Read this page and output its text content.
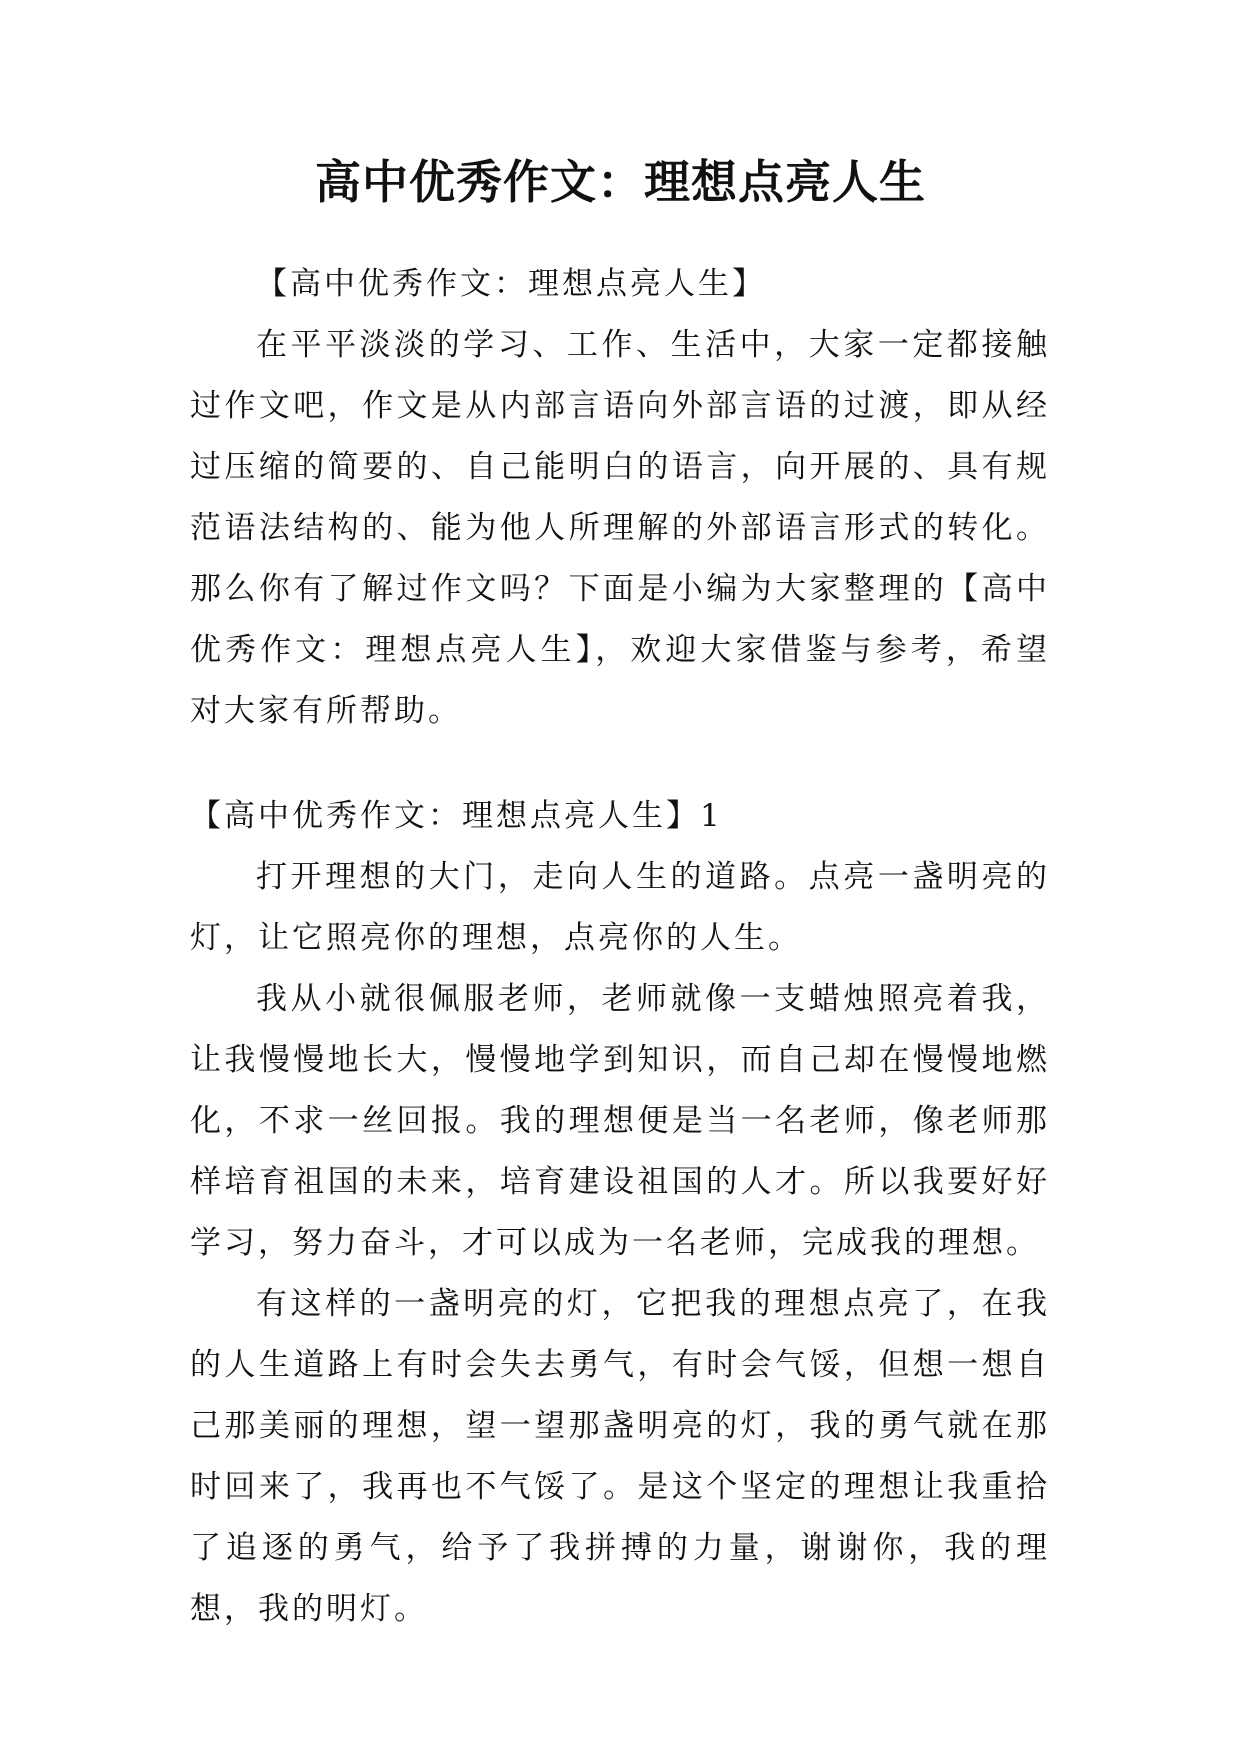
高中优秀作文：理想点亮人生

【高中优秀作文：理想点亮人生】

在平平淡淡的学习、工作、生活中，大家一定都接触过作文吧，作文是从内部言语向外部言语的过渡，即从经过压缩的简要的、自己能明白的语言，向开展的、具有规范语法结构的、能为他人所理解的外部语言形式的转化。那么你有了解过作文吗？下面是小编为大家整理的【高中优秀作文：理想点亮人生】，欢迎大家借鉴与参考，希望对大家有所帮助。

【高中优秀作文：理想点亮人生】1

打开理想的大门，走向人生的道路。点亮一盏明亮的灯，让它照亮你的理想，点亮你的人生。

我从小就很佩服老师，老师就像一支蜡烛照亮着我，让我慢慢地长大，慢慢地学到知识，而自己却在慢慢地燃化，不求一丝回报。我的理想便是当一名老师，像老师那样培育祖国的未来，培育建设祖国的人才。所以我要好好学习，努力奋斗，才可以成为一名老师，完成我的理想。

有这样的一盏明亮的灯，它把我的理想点亮了，在我的人生道路上有时会失去勇气，有时会气馁，但想一想自己那美丽的理想，望一望那盏明亮的灯，我的勇气就在那时回来了，我再也不气馁了。是这个坚定的理想让我重拾了追逐的勇气，给予了我拼搏的力量，谢谢你，我的理想，我的明灯。
